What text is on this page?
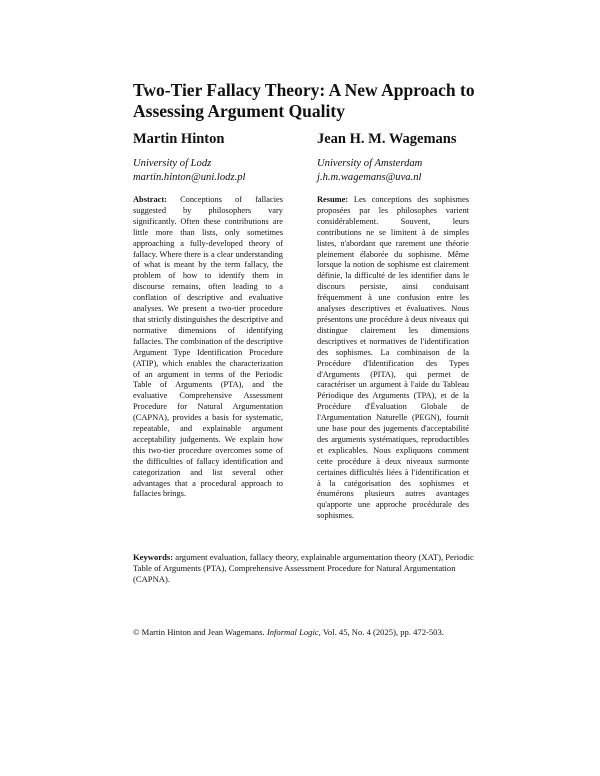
Two-Tier Fallacy Theory: A New Approach to Assessing Argument Quality
Martin Hinton	Jean H. M. Wagemans
University of Lodz
martin.hinton@uni.lodz.pl
University of Amsterdam
j.h.m.wagemans@uva.nl
Abstract: Conceptions of fallacies suggested by philosophers vary significantly. Often these contributions are little more than lists, only sometimes approaching a fully-developed theory of fallacy. Where there is a clear understanding of what is meant by the term fallacy, the problem of how to identify them in discourse remains, often leading to a conflation of descriptive and evaluative analyses. We present a two-tier procedure that strictly distinguishes the descriptive and normative dimensions of identifying fallacies. The combination of the descriptive Argument Type Identification Procedure (ATIP), which enables the characterization of an argument in terms of the Periodic Table of Arguments (PTA), and the evaluative Comprehensive Assessment Procedure for Natural Argumentation (CAPNA), provides a basis for systematic, repeatable, and explainable argument acceptability judgements. We explain how this two-tier procedure overcomes some of the difficulties of fallacy identification and categorization and list several other advantages that a procedural approach to fallacies brings.
Resume: Les conceptions des sophismes proposées par les philosophes varient considérablement. Souvent, leurs contributions ne se limitent à de simples listes, n'abordant que rarement une théorie pleinement élaborée du sophisme. Même lorsque la notion de sophisme est clairement définie, la difficulté de les identifier dans le discours persiste, ainsi conduisant fréquemment à une confusion entre les analyses descriptives et évaluatives. Nous présentons une procédure à deux niveaux qui distingue clairement les dimensions descriptives et normatives de l'identification des sophismes. La combinaison de la Procédure d'Identification des Types d'Arguments (PITA), qui permet de caractériser un argument à l'aide du Tableau Périodique des Arguments (TPA), et de la Procédure d'Évaluation Globale de l'Argumentation Naturelle (PEGN), fournit une base pour des jugements d'acceptabilité des arguments systématiques, reproductibles et explicables. Nous expliquons comment cette procédure à deux niveaux surmonte certaines difficultés liées à l'identification et à la catégorisation des sophismes et énumérons plusieurs autres avantages qu'apporte une approche procédurale des sophismes.
Keywords: argument evaluation, fallacy theory, explainable argumentation theory (XAT), Periodic Table of Arguments (PTA), Comprehensive Assessment Procedure for Natural Argumentation (CAPNA).
© Martin Hinton and Jean Wagemans. Informal Logic, Vol. 45, No. 4 (2025), pp. 472-503.
